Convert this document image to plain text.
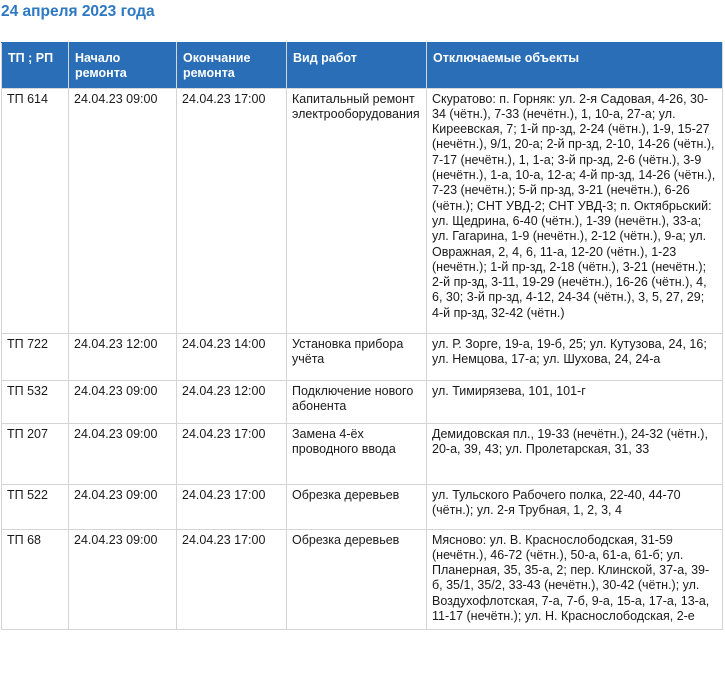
24 апреля 2023 года
ТП ; РП	Начало ремонта	Окончание ремонта	Вид работ	Отключаемые объекты
ТП 614	24.04.23 09:00	24.04.23 17:00	Капитальный ремонт электрооборудования	Скуратово: п. Горняк: ул. 2-я Садовая, 4-26, 30-34 (чётн.), 7-33 (нечётн.), 1, 10-а, 27-а; ул. Киреевская, 7; 1-й пр-зд, 2-24 (чётн.), 1-9, 15-27 (нечётн.), 9/1, 20-а; 2-й пр-зд, 2-10, 14-26 (чётн.), 7-17 (нечётн.), 1, 1-а; 3-й пр-зд, 2-6 (чётн.), 3-9 (нечётн.), 1-а, 10-а, 12-а; 4-й пр-зд, 14-26 (чётн.), 7-23 (нечётн.); 5-й пр-зд, 3-21 (нечётн.), 6-26 (чётн.); СНТ УВД-2; СНТ УВД-3; п. Октябрьский: ул. Щедрина, 6-40 (чётн.), 1-39 (нечётн.), 33-а; ул. Гагарина, 1-9 (нечётн.), 2-12 (чётн.), 9-а; ул. Овражная, 2, 4, 6, 11-а, 12-20 (чётн.), 1-23 (нечётн.); 1-й пр-зд, 2-18 (чётн.), 3-21 (нечётн.); 2-й пр-зд, 3-11, 19-29 (нечётн.), 16-26 (чётн.), 4, 6, 30; 3-й пр-зд, 4-12, 24-34 (чётн.), 3, 5, 27, 29; 4-й пр-зд, 32-42 (чётн.)
ТП 722	24.04.23 12:00	24.04.23 14:00	Установка прибора учёта	ул. Р. Зорге, 19-а, 19-б, 25; ул. Кутузова, 24, 16; ул. Немцова, 17-а; ул. Шухова, 24, 24-а
ТП 532	24.04.23 09:00	24.04.23 12:00	Подключение нового абонента	ул. Тимирязева, 101, 101-г
ТП 207	24.04.23 09:00	24.04.23 17:00	Замена 4-ёх проводного ввода	Демидовская пл., 19-33 (нечётн.), 24-32 (чётн.), 20-а, 39, 43; ул. Пролетарская, 31, 33
ТП 522	24.04.23 09:00	24.04.23 17:00	Обрезка деревьев	ул. Тульского Рабочего полка, 22-40, 44-70 (чётн.); ул. 2-я Трубная, 1, 2, 3, 4
ТП 68	24.04.23 09:00	24.04.23 17:00	Обрезка деревьев	Мясново: ул. В. Краснослободская, 31-59 (нечётн.), 46-72 (чётн.), 50-а, 61-а, 61-б; ул. Планерная, 35, 35-а, 2; пер. Клинской, 37-а, 39-б, 35/1, 35/2, 33-43 (нечётн.), 30-42 (чётн.); ул. Воздухофлотская, 7-а, 7-б, 9-а, 15-а, 17-а, 13-а, 11-17 (нечётн.); ул. Н. Краснослободская, 2-е
